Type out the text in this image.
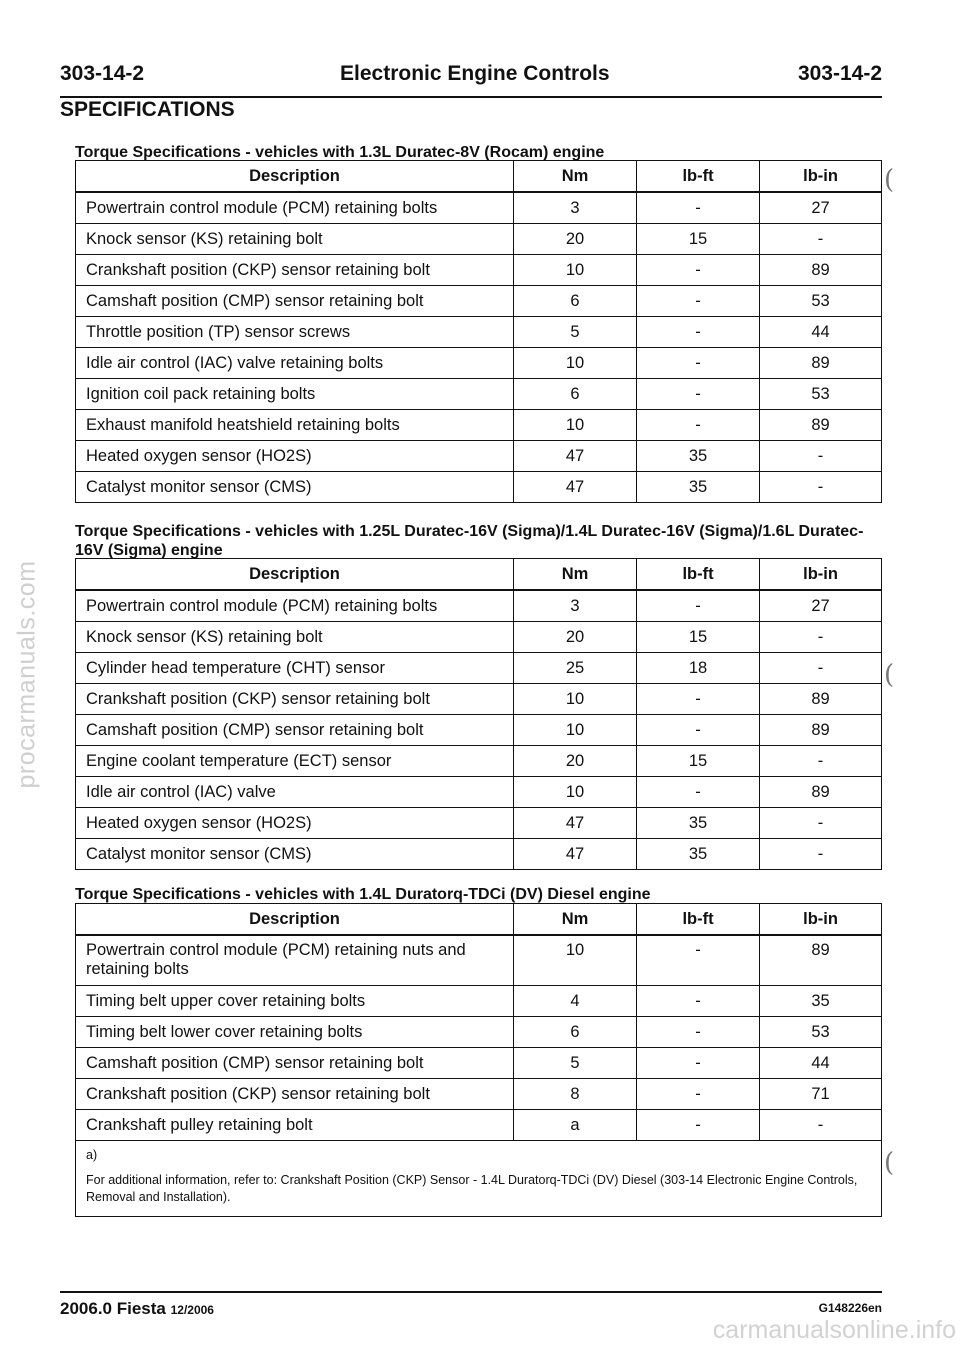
procarmanuals.com
carmanualsonline.info
303-14-2	Electronic Engine Controls	303-14-2
SPECIFICATIONS
Torque Specifications - vehicles with 1.3L Duratec-8V (Rocam) engine
Description	Nm	lb-ft	lb-in
Powertrain control module (PCM) retaining bolts	3	-	27
Knock sensor (KS) retaining bolt	20	15	-
Crankshaft position (CKP) sensor retaining bolt	10	-	89
Camshaft position (CMP) sensor retaining bolt	6	-	53
Throttle position (TP) sensor screws	5	-	44
Idle air control (IAC) valve retaining bolts	10	-	89
Ignition coil pack retaining bolts	6	-	53
Exhaust manifold heatshield retaining bolts	10	-	89
Heated oxygen sensor (HO2S)	47	35	-
Catalyst monitor sensor (CMS)	47	35	-
Torque Specifications - vehicles with 1.25L Duratec-16V (Sigma)/1.4L Duratec-16V (Sigma)/1.6L Duratec-16V (Sigma) engine
Description	Nm	lb-ft	lb-in
Powertrain control module (PCM) retaining bolts	3	-	27
Knock sensor (KS) retaining bolt	20	15	-
Cylinder head temperature (CHT) sensor	25	18	-
Crankshaft position (CKP) sensor retaining bolt	10	-	89
Camshaft position (CMP) sensor retaining bolt	10	-	89
Engine coolant temperature (ECT) sensor	20	15	-
Idle air control (IAC) valve	10	-	89
Heated oxygen sensor (HO2S)	47	35	-
Catalyst monitor sensor (CMS)	47	35	-
Torque Specifications - vehicles with 1.4L Duratorq-TDCi (DV) Diesel engine
Description	Nm	lb-ft	lb-in
Powertrain control module (PCM) retaining nuts and retaining bolts	10	-	89
Timing belt upper cover retaining bolts	4	-	35
Timing belt lower cover retaining bolts	6	-	53
Camshaft position (CMP) sensor retaining bolt	5	-	44
Crankshaft position (CKP) sensor retaining bolt	8	-	71
Crankshaft pulley retaining bolt	a	-	-

a)
For additional information, refer to: Crankshaft Position (CKP) Sensor - 1.4L Duratorq-TDCi (DV) Diesel (303-14 Electronic Engine Controls, Removal and Installation).			
(
(
(
2006.0 Fiesta 12/2006	G148226en
